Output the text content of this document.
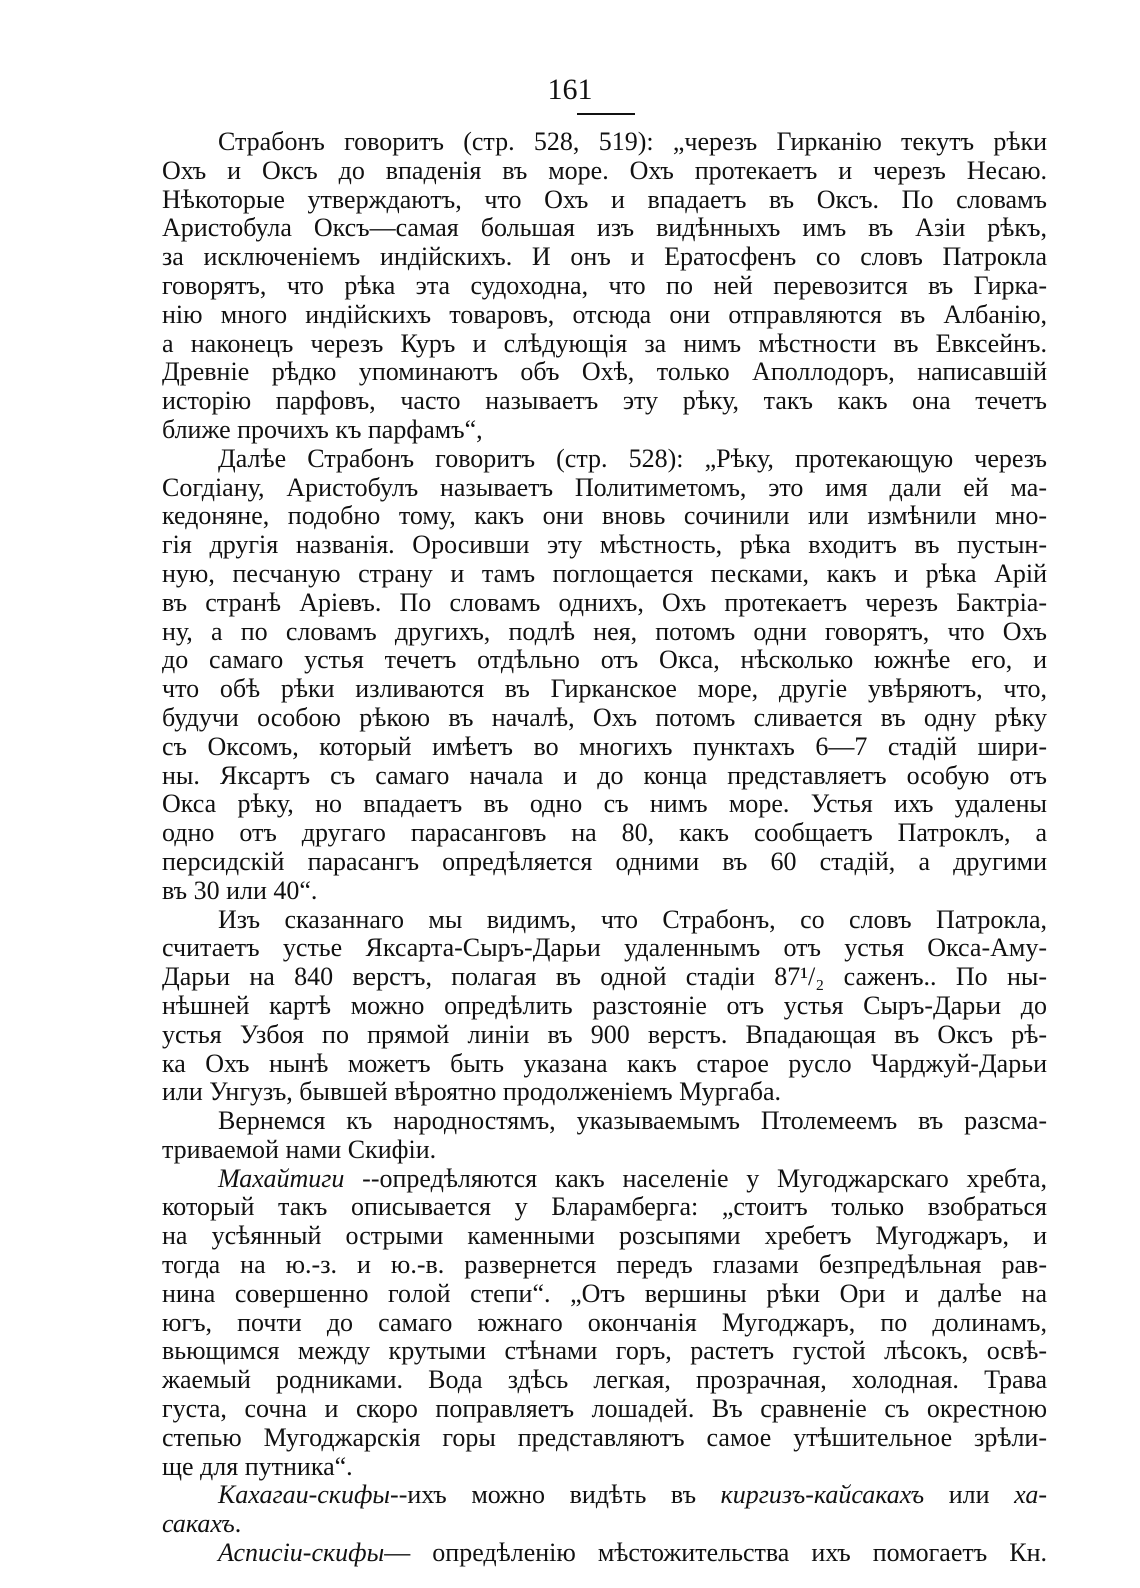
161
Страбонъ говоритъ (стр. 528, 519): „черезъ Гирканію текутъ рѣки
Охъ и Оксъ до впаденія въ море. Охъ протекаетъ и черезъ Несаю.
Нѣкоторые утверждаютъ, что Охъ и впадаетъ въ Оксъ. По словамъ
Аристобула Оксъ—самая большая изъ видѣнныхъ имъ въ Азіи рѣкъ,
за исключеніемъ индійскихъ. И онъ и Ератосфенъ со словъ Патрокла
говорятъ, что рѣка эта судоходна, что по ней перевозится въ Гирка-
нію много индійскихъ товаровъ, отсюда они отправляются въ Албанію,
а наконецъ черезъ Куръ и слѣдующія за нимъ мѣстности въ Евксейнъ.
Древніе рѣдко упоминаютъ объ Охѣ, только Аполлодоръ, написавшій
исторію парфовъ, часто называетъ эту рѣку, такъ какъ она течетъ
ближе прочихъ къ парфамъ“,
Далѣе Страбонъ говоритъ (стр. 528): „Рѣку, протекающую черезъ
Согдіану, Аристобулъ называетъ Политиметомъ, это имя дали ей ма-
кедоняне, подобно тому, какъ они вновь сочинили или измѣнили мно-
гія другія названія. Оросивши эту мѣстность, рѣка входитъ въ пустын-
ную, песчаную страну и тамъ поглощается песками, какъ и рѣка Арій
въ странѣ Аріевъ. По словамъ однихъ, Охъ протекаетъ черезъ Бактріа-
ну, а по словамъ другихъ, подлѣ нея, потомъ одни говорятъ, что Охъ
до самаго устья течетъ отдѣльно отъ Окса, нѣсколько южнѣе его, и
что обѣ рѣки изливаются въ Гирканское море, другіе увѣряютъ, что,
будучи особою рѣкою въ началѣ, Охъ потомъ сливается въ одну рѣку
съ Оксомъ, который имѣетъ во многихъ пунктахъ 6—7 стадій шири-
ны. Яксартъ съ самаго начала и до конца представляетъ особую отъ
Окса рѣку, но впадаетъ въ одно съ нимъ море. Устья ихъ удалены
одно отъ другаго парасанговъ на 80, какъ сообщаетъ Патроклъ, а
персидскій парасангъ опредѣляется одними въ 60 стадій, а другими
въ 30 или 40“.
Изъ сказаннаго мы видимъ, что Страбонъ, со словъ Патрокла,
считаетъ устье Яксарта-Сыръ-Дарьи удаленнымъ отъ устья Окса-Аму-
Дарьи на 840 верстъ, полагая въ одной стадіи 87¹/₂ саженъ.. По ны-
нѣшней картѣ можно опредѣлить разстояніе отъ устья Сыръ-Дарьи до
устья Узбоя по прямой линіи въ 900 верстъ. Впадающая въ Оксъ рѣ-
ка Охъ нынѣ можетъ быть указана какъ старое русло Чарджуй-Дарьи
или Унгузъ, бывшей вѣроятно продолженіемъ Мургаба.
Вернемся къ народностямъ, указываемымъ Птолемеемъ въ разсма-
триваемой нами Скифіи.
Махайтиги --опредѣляются какъ населеніе у Мугоджарскаго хребта,
который такъ описывается у Бларамберга: „стоитъ только взобраться
на усѣянный острыми каменными розсыпями хребетъ Мугоджаръ, и
тогда на ю.-з. и ю.-в. развернется передъ глазами безпредѣльная рав-
нина совершенно голой степи“. „Отъ вершины рѣки Ори и далѣе на
югъ, почти до самаго южнаго окончанія Мугоджаръ, по долинамъ,
вьющимся между крутыми стѣнами горъ, растетъ густой лѣсокъ, освѣ-
жаемый родниками. Вода здѣсь легкая, прозрачная, холодная. Трава
густа, сочна и скоро поправляетъ лошадей. Въ сравненіе съ окрестною
степью Мугоджарскія горы представляютъ самое утѣшительное зрѣли-
ще для путника“.
Кахагаи-скифы--ихъ можно видѣть въ киргизъ-кайсакахъ или ха-
сакахъ.
Асписіи-скифы— опредѣленію мѣстожительства ихъ помогаетъ Кн.
